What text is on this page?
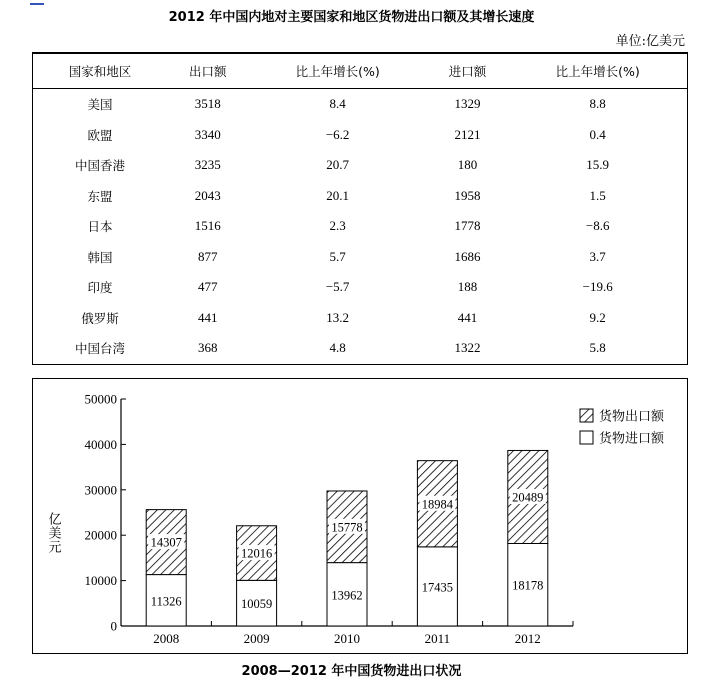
2012 年中国内地对主要国家和地区货物进出口额及其增长速度
单位:亿美元
国家和地区	出口额	比上年增长(%)	进口额	比上年增长(%)
美国	3518	8.4	1329	8.8
欧盟	3340	−6.2	2121	0.4
中国香港	3235	20.7	180	15.9
东盟	2043	20.1	1958	1.5
日本	1516	2.3	1778	−8.6
韩国	877	5.7	1686	3.7
印度	477	−5.7	188	−19.6
俄罗斯	441	13.2	441	9.2
中国台湾	368	4.8	1322	5.8
0
10000
20000
30000
40000
50000
亿美元
11326
14307
2008
10059
12016
2009
13962
15778
2010
17435
18984
2011
18178
20489
2012
货物出口额
货物进口额
2008—2012 年中国货物进出口状况
